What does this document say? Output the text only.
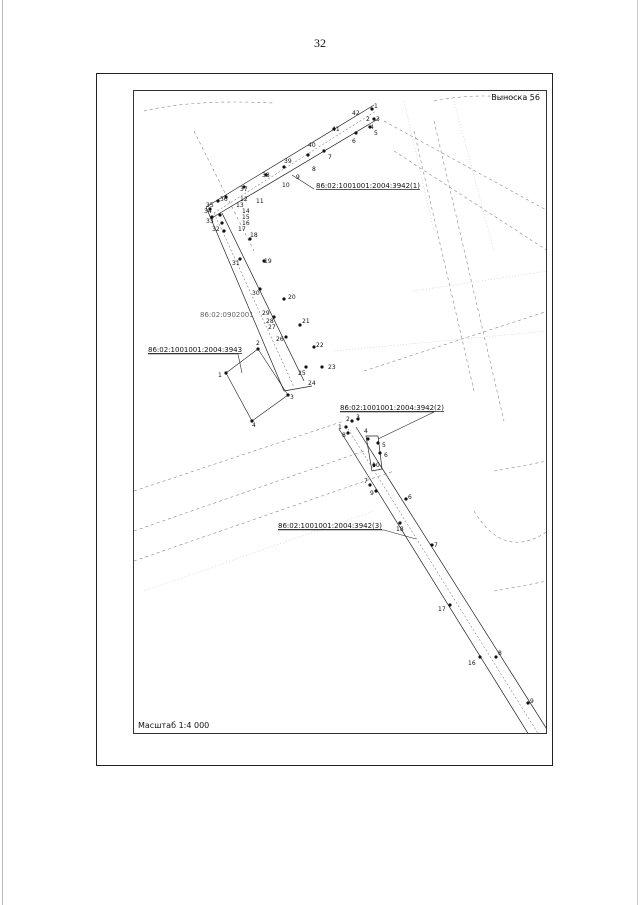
32
1
2 3
4
5
6
7
8
9
10
11
12
13
14
15
16
17
18
19
20
21
22
23
24
25
26
27
28
29
30
31
32
33
34
35
36
37
38
39
40
41
42
1
2
3
4	1
2 3
4
5
6
7
8
9
10
6
7
8
9
16
17
18
86:02:1001001:2004:3942(1)
86:02:0902001
86:02:1001001:2004:3943
86:02:1001001:2004:3942(2)
86:02:1001001:2004:3942(3)
Выноска 56
Масштаб 1:4 000
